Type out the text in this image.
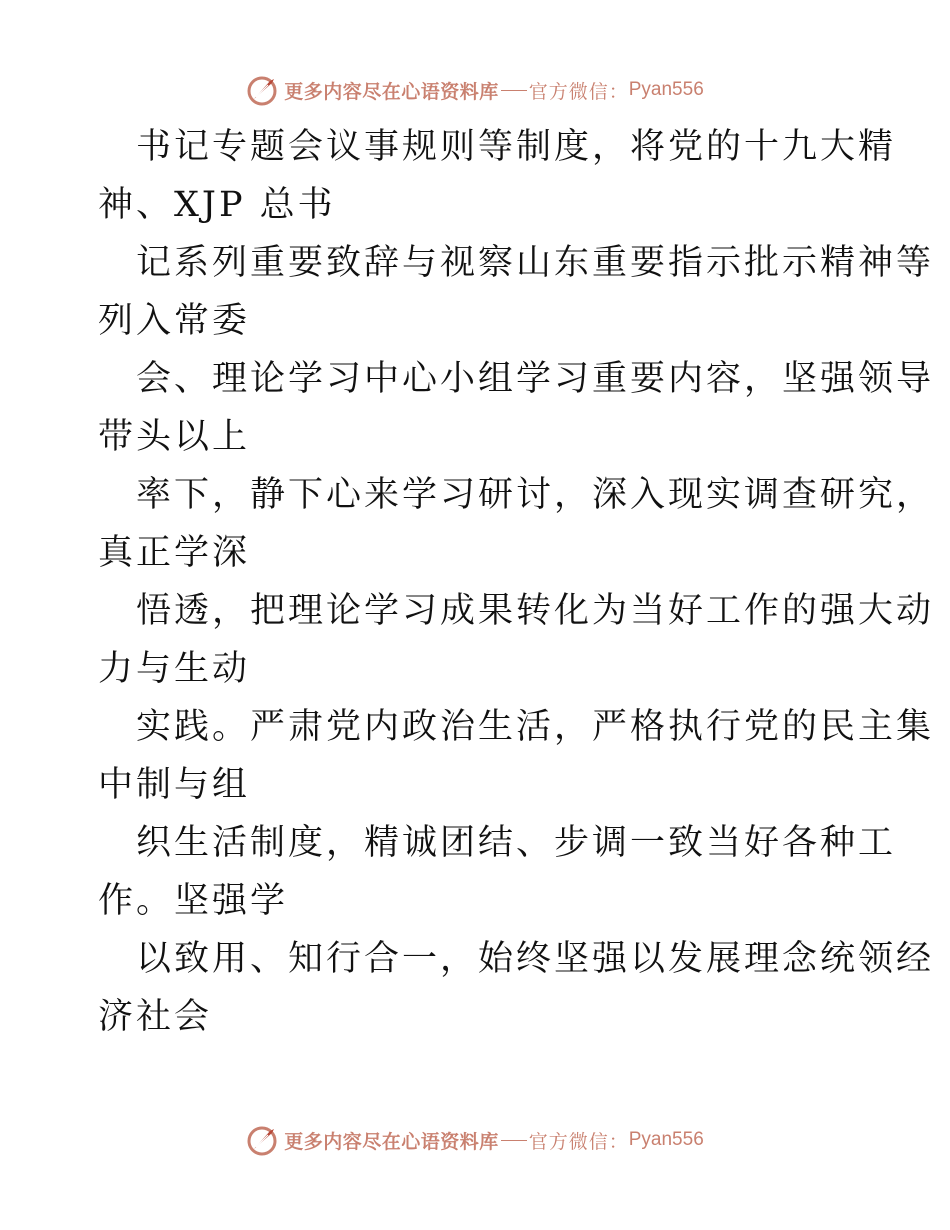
更多内容尽在心语资料库 官方微信： Pyan556
书记专题会议事规则等制度，将党的十九大精
神、XJP 总书
记系列重要致辞与视察山东重要指示批示精神等
列入常委
会、理论学习中心小组学习重要内容，坚强领导
带头以上
率下，静下心来学习研讨，深入现实调查研究，
真正学深
悟透，把理论学习成果转化为当好工作的强大动
力与生动
实践。严肃党内政治生活，严格执行党的民主集
中制与组
织生活制度，精诚团结、步调一致当好各种工
作。坚强学
以致用、知行合一，始终坚强以发展理念统领经
济社会
更多内容尽在心语资料库 官方微信： Pyan556
